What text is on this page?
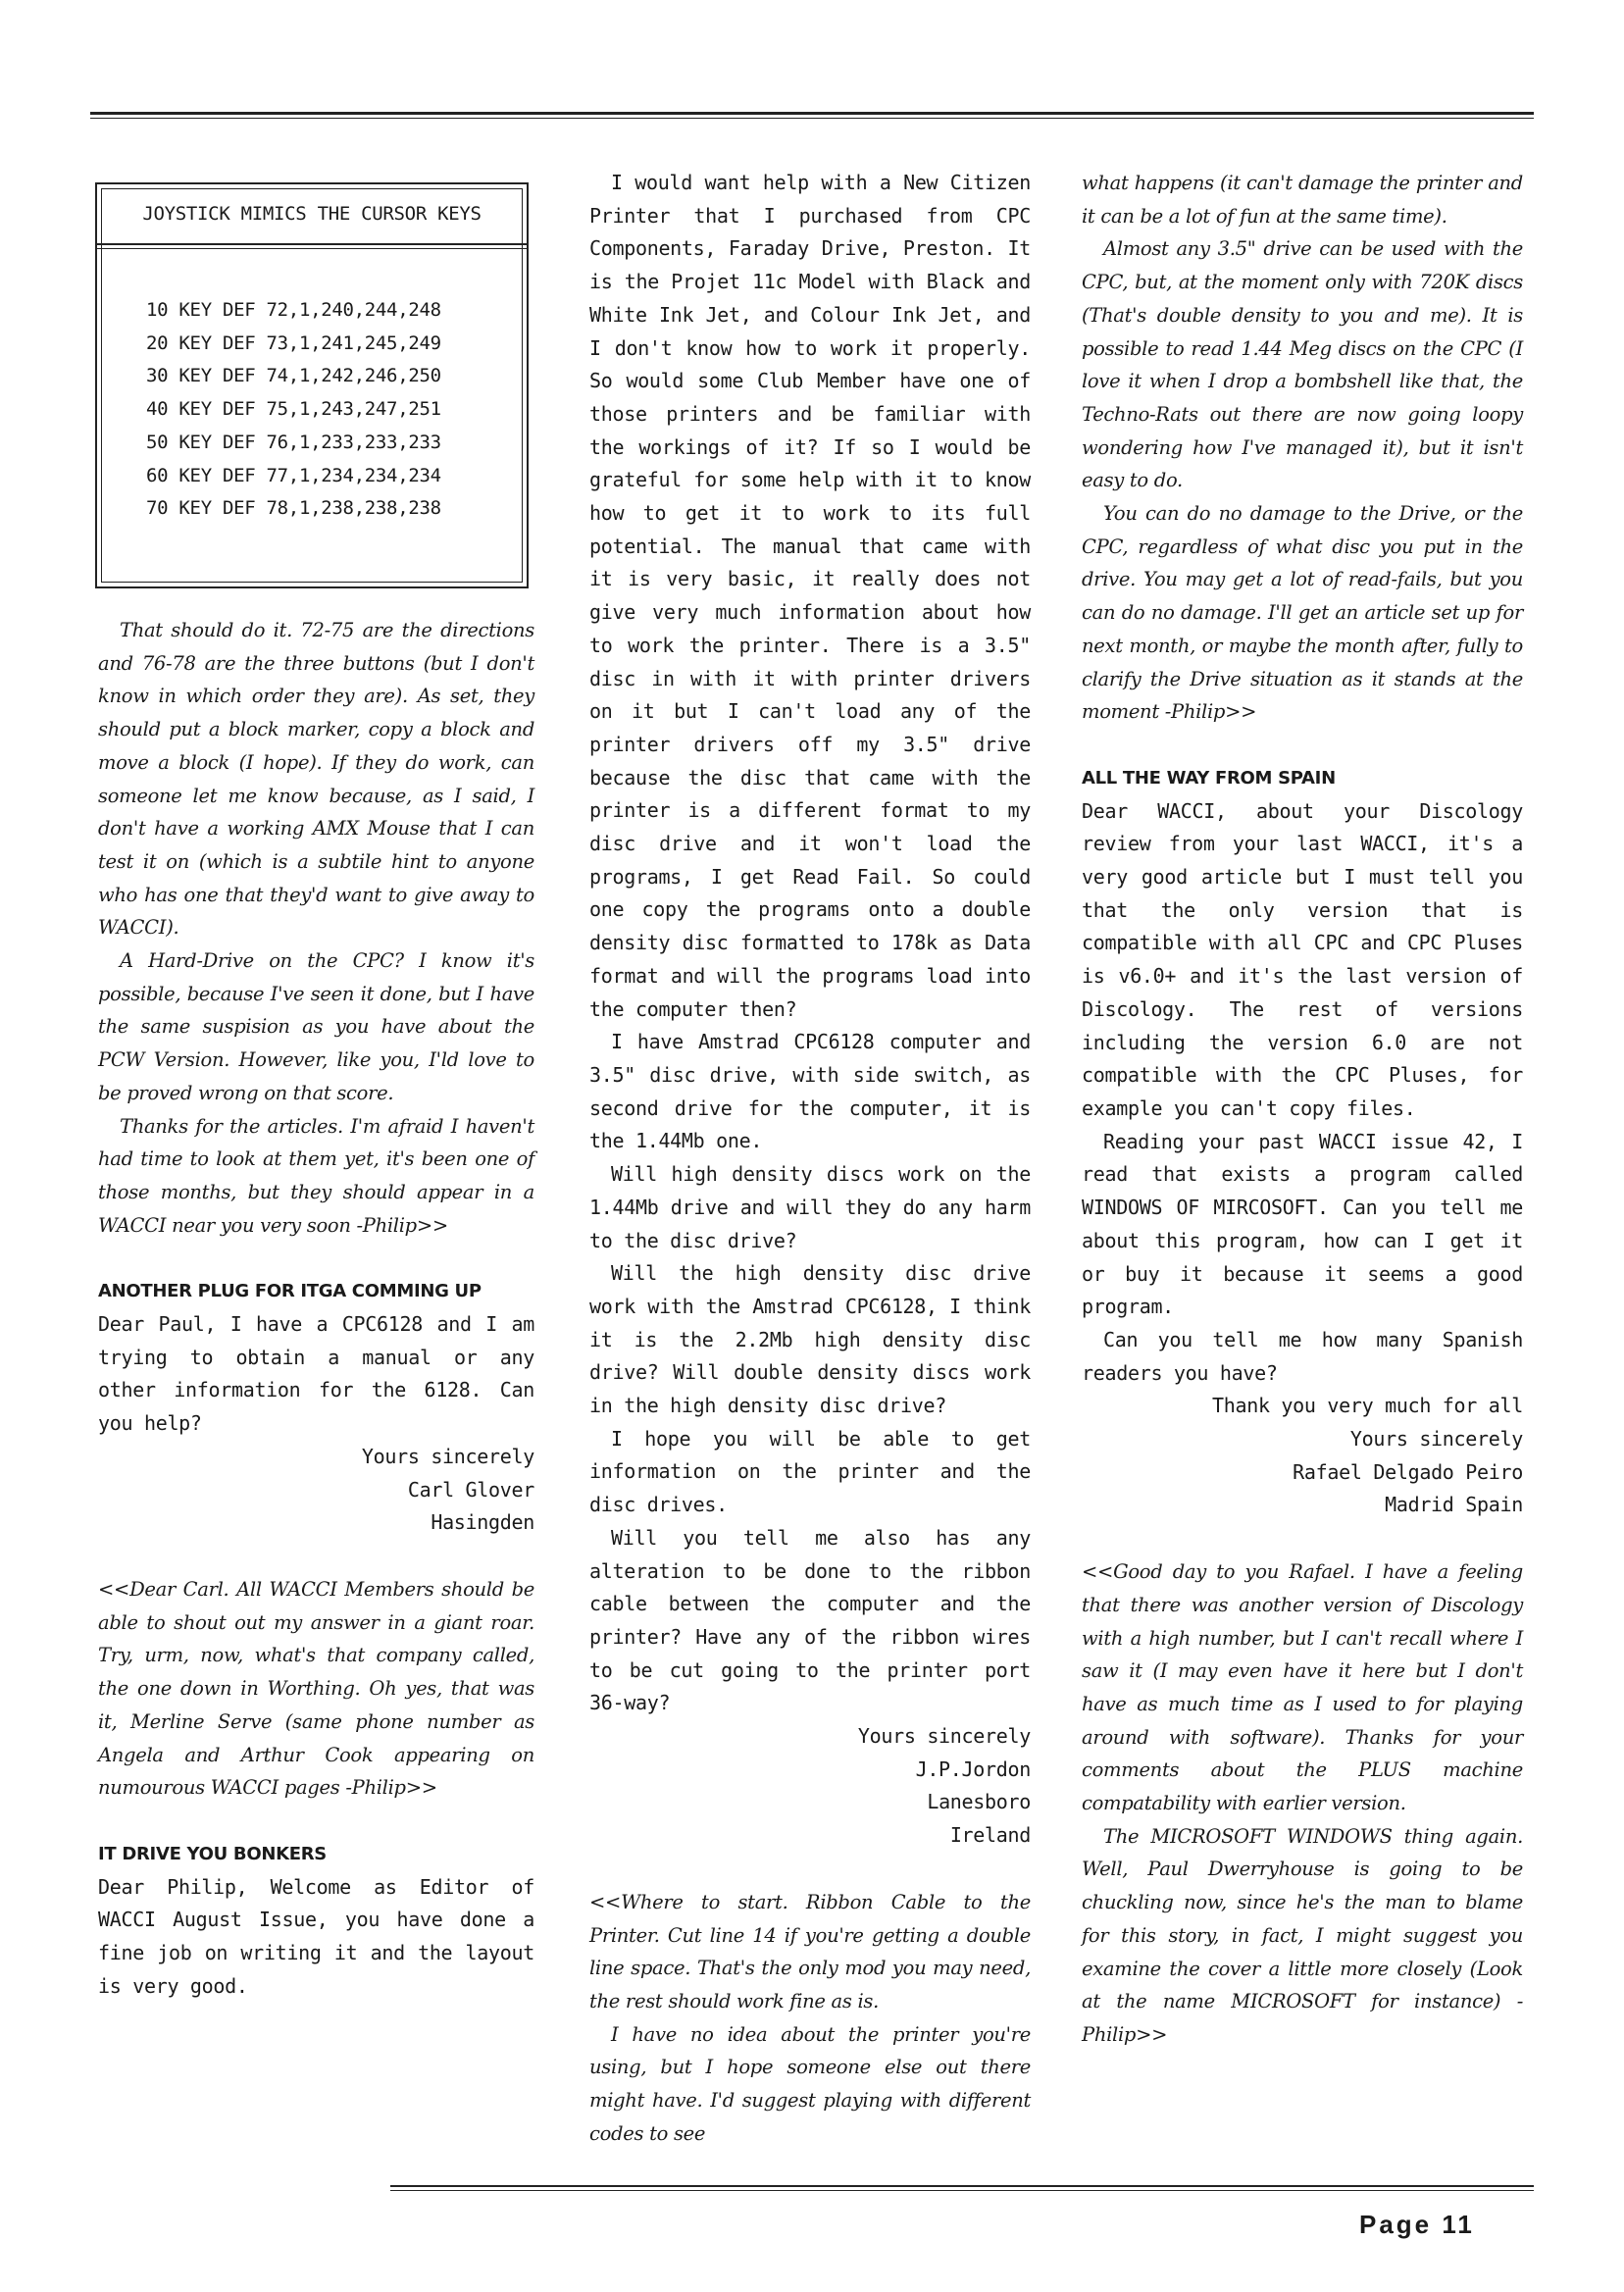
JOYSTICK MIMICS THE CURSOR KEYS

10 KEY DEF 72,1,240,244,248

20 KEY DEF 73,1,241,245,249

30 KEY DEF 74,1,242,246,250

40 KEY DEF 75,1,243,247,251

50 KEY DEF 76,1,233,233,233

60 KEY DEF 77,1,234,234,234

70 KEY DEF 78,1,238,238,238

That should do it. 72-75 are the directions and 76-78 are the three buttons (but I don't know in which order they are). As set, they should put a block marker, copy a block and move a block (I hope). If they do work, can someone let me know because, as I said, I don't have a working AMX Mouse that I can test it on (which is a subtile hint to anyone who has one that they'd want to give away to WACCI).

A Hard-Drive on the CPC? I know it's possible, because I've seen it done, but I have the same suspision as you have about the PCW Version. However, like you, I'ld love to be proved wrong on that score.

Thanks for the articles. I'm afraid I haven't had time to look at them yet, it's been one of those months, but they should appear in a WACCI near you very soon -Philip>>

ANOTHER PLUG FOR ITGA COMMING UP

Dear Paul, I have a CPC6128 and I am trying to obtain a manual or any other information for the 6128. Can you help?

Yours sincerely

Carl Glover

Hasingden

<<Dear Carl. All WACCI Members should be able to shout out my answer in a giant roar. Try, urm, now, what's that company called, the one down in Worthing. Oh yes, that was it, Merline Serve (same phone number as Angela and Arthur Cook appearing on numourous WACCI pages -Philip>>

IT DRIVE YOU BONKERS

Dear Philip, Welcome as Editor of WACCI August Issue, you have done a fine job on writing it and the layout is very good.

I would want help with a New Citizen Printer that I purchased from CPC Components, Faraday Drive, Preston. It is the Projet 11c Model with Black and White Ink Jet, and Colour Ink Jet, and I don't know how to work it properly. So would some Club Member have one of those printers and be familiar with the workings of it? If so I would be grateful for some help with it to know how to get it to work to its full potential. The manual that came with it is very basic, it really does not give very much information about how to work the printer. There is a 3.5" disc in with it with printer drivers on it but I can't load any of the printer drivers off my 3.5" drive because the disc that came with the printer is a different format to my disc drive and it won't load the programs, I get Read Fail. So could one copy the programs onto a double density disc formatted to 178k as Data format and will the programs load into the computer then?

I have Amstrad CPC6128 computer and 3.5" disc drive, with side switch, as second drive for the computer, it is the 1.44Mb one.

Will high density discs work on the 1.44Mb drive and will they do any harm to the disc drive?

Will the high density disc drive work with the Amstrad CPC6128, I think it is the 2.2Mb high density disc drive? Will double density discs work in the high density disc drive?

I hope you will be able to get information on the printer and the disc drives.

Will you tell me also has any alteration to be done to the ribbon cable between the computer and the printer? Have any of the ribbon wires to be cut going to the printer port 36-way?

Yours sincerely

J.P.Jordon

Lanesboro

Ireland

<<Where to start. Ribbon Cable to the Printer. Cut line 14 if you're getting a double line space. That's the only mod you may need, the rest should work fine as is.

I have no idea about the printer you're using, but I hope someone else out there might have. I'd suggest playing with different codes to see

what happens (it can't damage the printer and it can be a lot of fun at the same time).

Almost any 3.5" drive can be used with the CPC, but, at the moment only with 720K discs (That's double density to you and me). It is possible to read 1.44 Meg discs on the CPC (I love it when I drop a bombshell like that, the Techno-Rats out there are now going loopy wondering how I've managed it), but it isn't easy to do.

You can do no damage to the Drive, or the CPC, regardless of what disc you put in the drive. You may get a lot of read-fails, but you can do no damage. I'll get an article set up for next month, or maybe the month after, fully to clarify the Drive situation as it stands at the moment -Philip>>

ALL THE WAY FROM SPAIN

Dear WACCI, about your Discology review from your last WACCI, it's a very good article but I must tell you that the only version that is compatible with all CPC and CPC Pluses is v6.0+ and it's the last version of Discology. The rest of versions including the version 6.0 are not compatible with the CPC Pluses, for example you can't copy files.

Reading your past WACCI issue 42, I read that exists a program called WINDOWS OF MIRCOSOFT. Can you tell me about this program, how can I get it or buy it because it seems a good program.

Can you tell me how many Spanish readers you have?

Thank you very much for all

Yours sincerely

Rafael Delgado Peiro

Madrid Spain

<<Good day to you Rafael. I have a feeling that there was another version of Discology with a high number, but I can't recall where I saw it (I may even have it here but I don't have as much time as I used to for playing around with software). Thanks for your comments about the PLUS machine compatability with earlier version.

The MICROSOFT WINDOWS thing again. Well, Paul Dwerryhouse is going to be chuckling now, since he's the man to blame for this story, in fact, I might suggest you examine the cover a little more closely (Look at the name MICROSOFT for instance) -Philip>>

Page 11
